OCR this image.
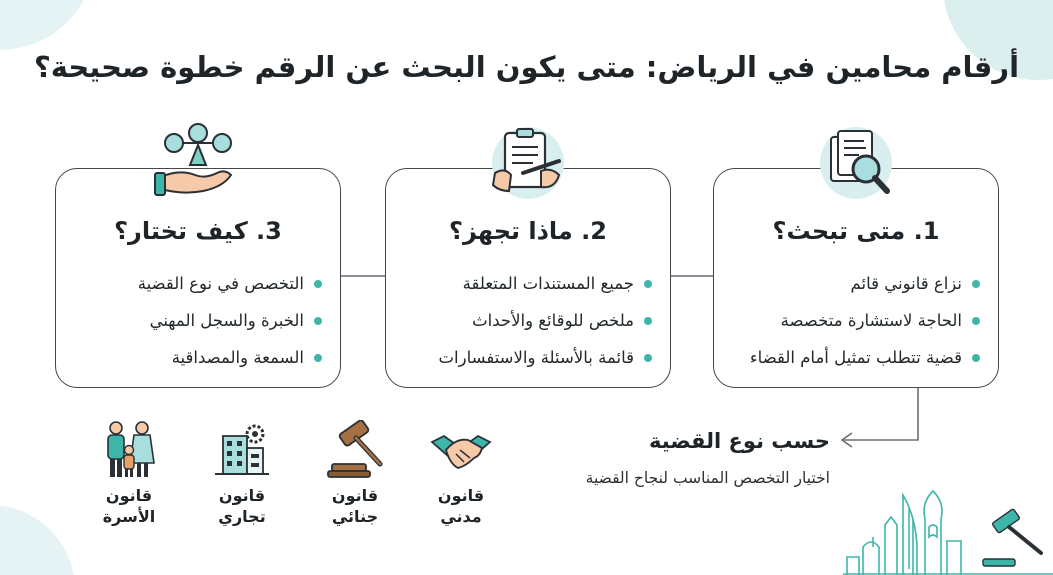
أرقام محامين في الرياض: متى يكون البحث عن الرقم خطوة صحيحة؟
1. متى تبحث؟
نزاع قانوني قائم
الحاجة لاستشارة متخصصة
قضية تتطلب تمثيل أمام القضاء
2. ماذا تجهز؟
جميع المستندات المتعلقة
ملخص للوقائع والأحداث
قائمة بالأسئلة والاستفسارات
3. كيف تختار؟
التخصص في نوع القضية
الخبرة والسجل المهني
السمعة والمصداقية
حسب نوع القضية
اختيار التخصص المناسب لنجاح القضية
قانون
مدني
قانون
جنائي
قانون
تجاري
قانون
الأسرة
